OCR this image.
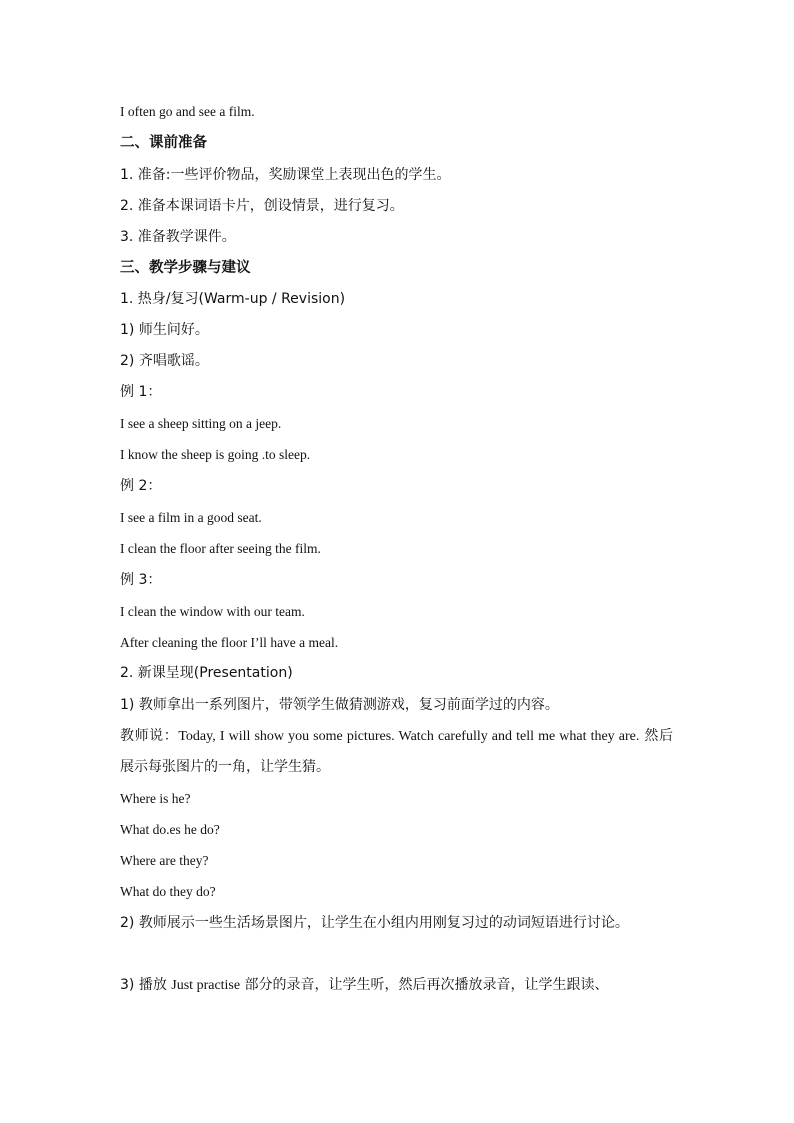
I often go and see a film.
二、课前准备
1. 准备:一些评价物品，奖励课堂上表现出色的学生。
2. 准备本课词语卡片，创设情景，进行复习。
3. 准备教学课件。
三、教学步骤与建议
1. 热身/复习(Warm-up / Revision)
1) 师生问好。
2) 齐唱歌谣。
例 1：
I see a sheep sitting on a jeep.
I know the sheep is going .to sleep.
例 2：
I see a film in a good seat.
I clean the floor after seeing the film.
例 3：
I clean the window with our team.
After cleaning the floor I’ll have a meal.
2. 新课呈现(Presentation)
1) 教师拿出一系列图片，带领学生做猜测游戏，复习前面学过的内容。
教师说：Today, I will show you some pictures. Watch carefully and tell me what they are. 然后展示每张图片的一角，让学生猜。
Where is he?
What do.es he do?
Where are they?
What do they do?
2) 教师展示一些生活场景图片，让学生在小组内用刚复习过的动词短语进行讨论。
3) 播放 Just practise 部分的录音，让学生听，然后再次播放录音，让学生跟读、
